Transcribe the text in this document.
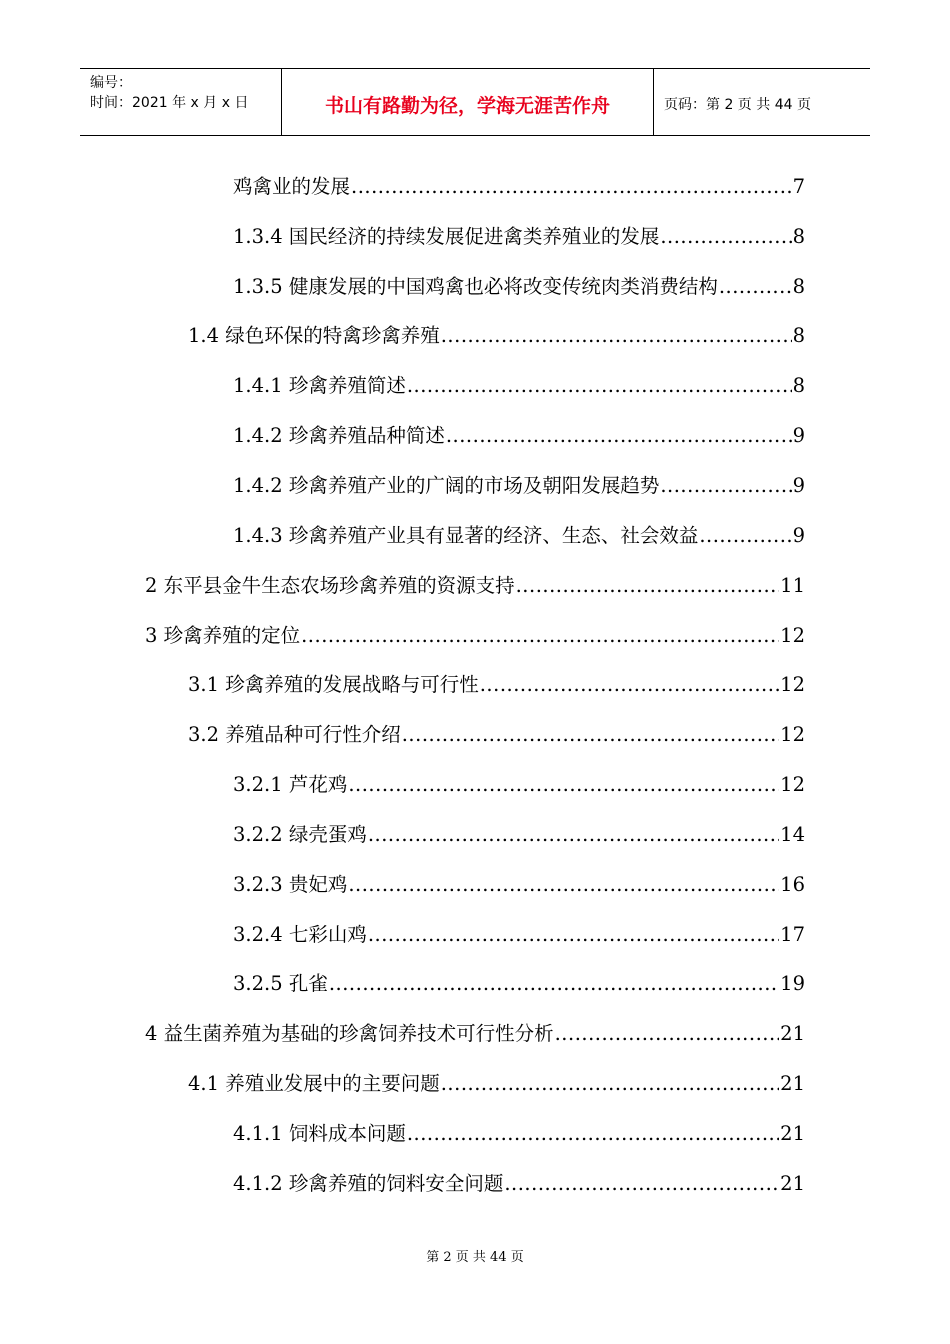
编号：
时间：2021 年 x 月 x 日	书山有路勤为径，学海无涯苦作舟	页码：第 2 页 共 44 页
鸡禽业的发展 .....	7
1.3.4 国民经济的持续发展促进禽类养殖业的发展 .....	8
1.3.5 健康发展的中国鸡禽也必将改变传统肉类消费结构 .....	8
1.4 绿色环保的特禽珍禽养殖 .....	8
1.4.1 珍禽养殖简述 .....	8
1.4.2 珍禽养殖品种简述 .....	9
1.4.2 珍禽养殖产业的广阔的市场及朝阳发展趋势 .....	9
1.4.3 珍禽养殖产业具有显著的经济、生态、社会效益 .....	9
2 东平县金牛生态农场珍禽养殖的资源支持 .....	11
3 珍禽养殖的定位 .....	12
3.1 珍禽养殖的发展战略与可行性 .....	12
3.2 养殖品种可行性介绍 .....	12
3.2.1 芦花鸡 .....	12
3.2.2 绿壳蛋鸡 .....	14
3.2.3 贵妃鸡 .....	16
3.2.4 七彩山鸡 .....	17
3.2.5 孔雀 .....	19
4 益生菌养殖为基础的珍禽饲养技术可行性分析 .....	21
4.1 养殖业发展中的主要问题 .....	21
4.1.1 饲料成本问题 .....	21
4.1.2 珍禽养殖的饲料安全问题 .....	21
第 2 页 共 44 页
